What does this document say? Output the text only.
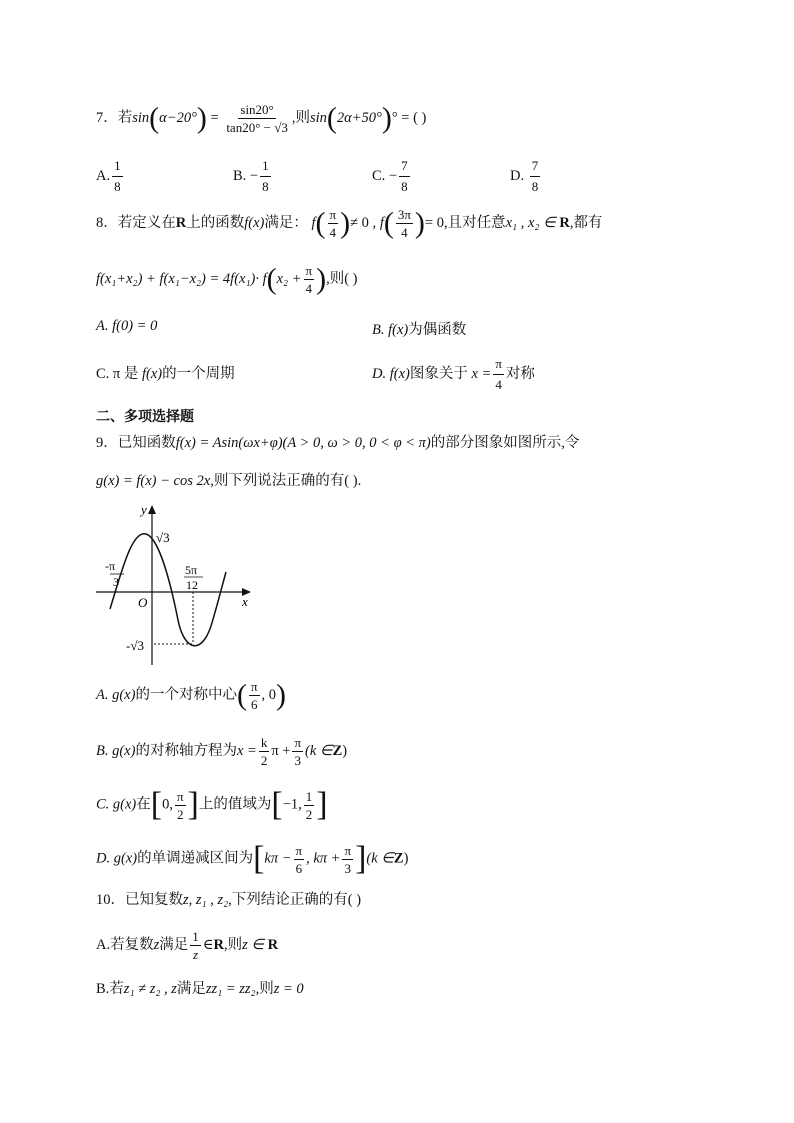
7．若$\sin(\alpha-20^\circ) = \frac{\sin 20^\circ}{\tan 20^\circ - √3}$ ,则sin(2α+50°)° = ( )
A. $\frac{1}{8}$	B. − $\frac{1}{8}$	C. − $\frac{7}{8}$	D. $\frac{7}{8}$
8．若定义在R上的函数f(x)满足： $f( \frac{\pi}{4}$ )≠ 0 , $f( \frac{3\pi}{4}$ )= 0,且对任意x₁ , x₂ ∈ R,都有
$f(x_1+x_2) + f(x_1-x_2) = 4f(x_1)\cdot f(x_2 + \frac{\pi}{4}$ ),则( )
A. f(0) = 0	B. f(x)为偶函数
C. π 是 f(x)的一个周期	D. f(x)图象关于 $x = \frac{\pi}{4}$ 对称
二、多项选择题
9．已知函数f(x) = Asin(ωx+φ)(A > 0, ω > 0, 0 < φ < π)的部分图象如图所示,令
g(x) = f(x) − cos 2x,则下列说法正确的有( ).
y
x
O
√3
-√3
-π
3
5π
12
A. g(x)的一个对称中心( $\frac{\pi}{6}$ , 0)
B. g(x)的对称轴方程为$x = \frac{k}{2}$ $\pi + \frac{\pi}{3} (k$ ∈Z)
C. g(x)在[0, $\frac{\pi}{2}$ ]上的值域为[−1, $\frac{1}{2}$ ]
D. g(x)的单调递减区间为[$k\pi - \frac{\pi}{6}$ , $k\pi + \frac{\pi}{3} ](k$ ∈Z)
10．已知复数z, z₁ , z₂,下列结论正确的有( )
A.若复数z满足 $\frac{1}{z}$ ∈R,则z ∈ R
B.若z₁ ≠ z₂ , z满足zz₁ = zz₂,则z = 0
